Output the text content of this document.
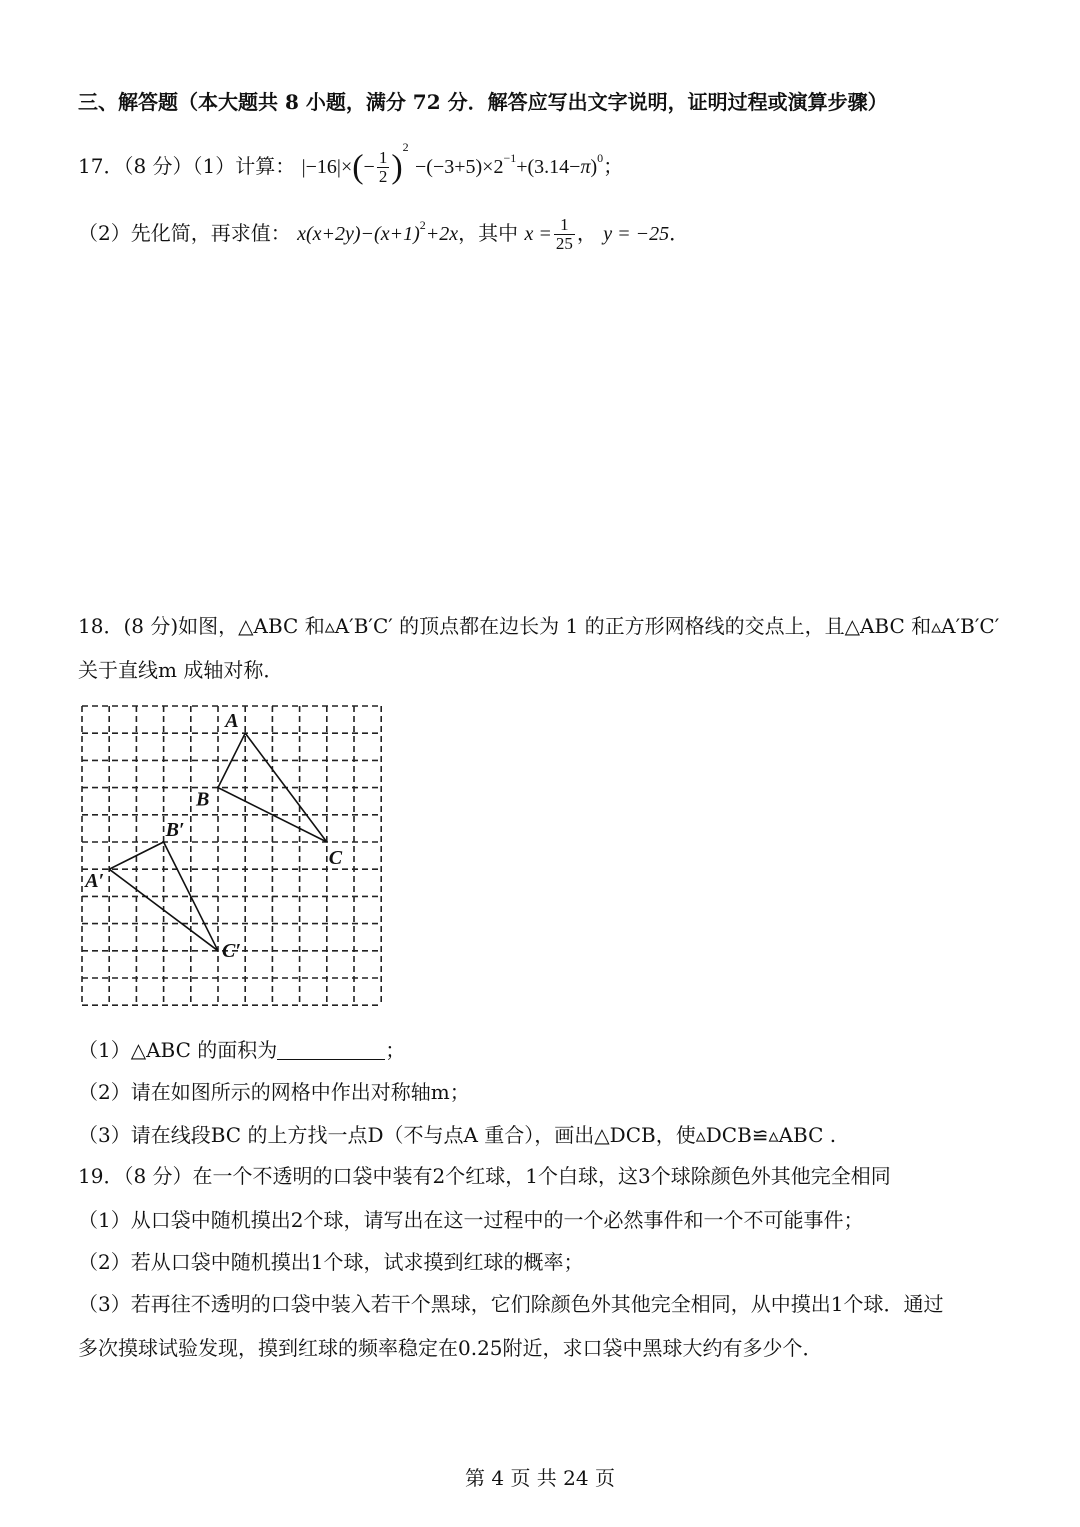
三、解答题（本大题共 8 小题，满分 72 分．解答应写出文字说明，证明过程或演算步骤）
17．（8 分）（1）计算： $|-16|\times(- \frac{1}{2} )^2 -(-3+5)\times 2^{-1}+(3.14-\pi)^0$；
（2）先化简，再求值： $x(x+2y)-(x+1)^2+2x$，其中 $x = \frac{1}{25}$ ， y = −25．
18．(8 分)如图，△ABC 和▵A′B′C′ 的顶点都在边长为 1 的正方形网格线的交点上，且△ABC 和▵A′B′C′
关于直线m 成轴对称．
A
B
C
A′
B′
C′
（1）△ABC 的面积为	；
（2）请在如图所示的网格中作出对称轴m；
（3）请在线段BC 的上方找一点D（不与点A 重合），画出△DCB，使▵DCB≌▵ABC .
19．（8 分）在一个不透明的口袋中装有2个红球，1个白球，这3个球除颜色外其他完全相同
（1）从口袋中随机摸出2个球，请写出在这一过程中的一个必然事件和一个不可能事件；
（2）若从口袋中随机摸出1个球，试求摸到红球的概率；
（3）若再往不透明的口袋中装入若干个黑球，它们除颜色外其他完全相同，从中摸出1个球．通过
多次摸球试验发现，摸到红球的频率稳定在0.25附近，求口袋中黑球大约有多少个．
第 4 页 共 24 页
